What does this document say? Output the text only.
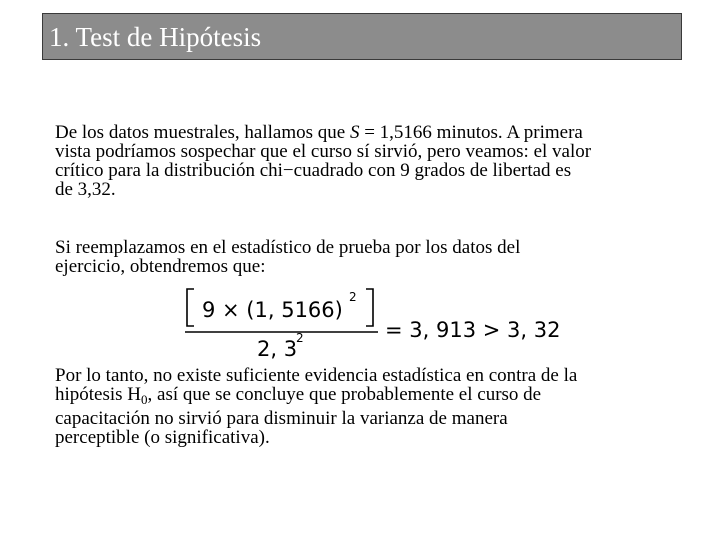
1. Test de Hipótesis
De los datos muestrales, hallamos que S = 1,5166 minutos. A primera
vista podríamos sospechar que el curso sí sirvió, pero veamos: el valor
crítico para la distribución chi−cuadrado con 9 grados de libertad es
de 3,32.
Si reemplazamos en el estadístico de prueba por los datos del
ejercicio, obtendremos que:
9 × (1, 5166)
2
2, 3
2	= 3, 913 > 3, 32
Por lo tanto, no existe suficiente evidencia estadística en contra de la
hipótesis $H_0$, así que se concluye que probablemente el curso de
capacitación no sirvió para disminuir la varianza de manera
perceptible (o significativa).
